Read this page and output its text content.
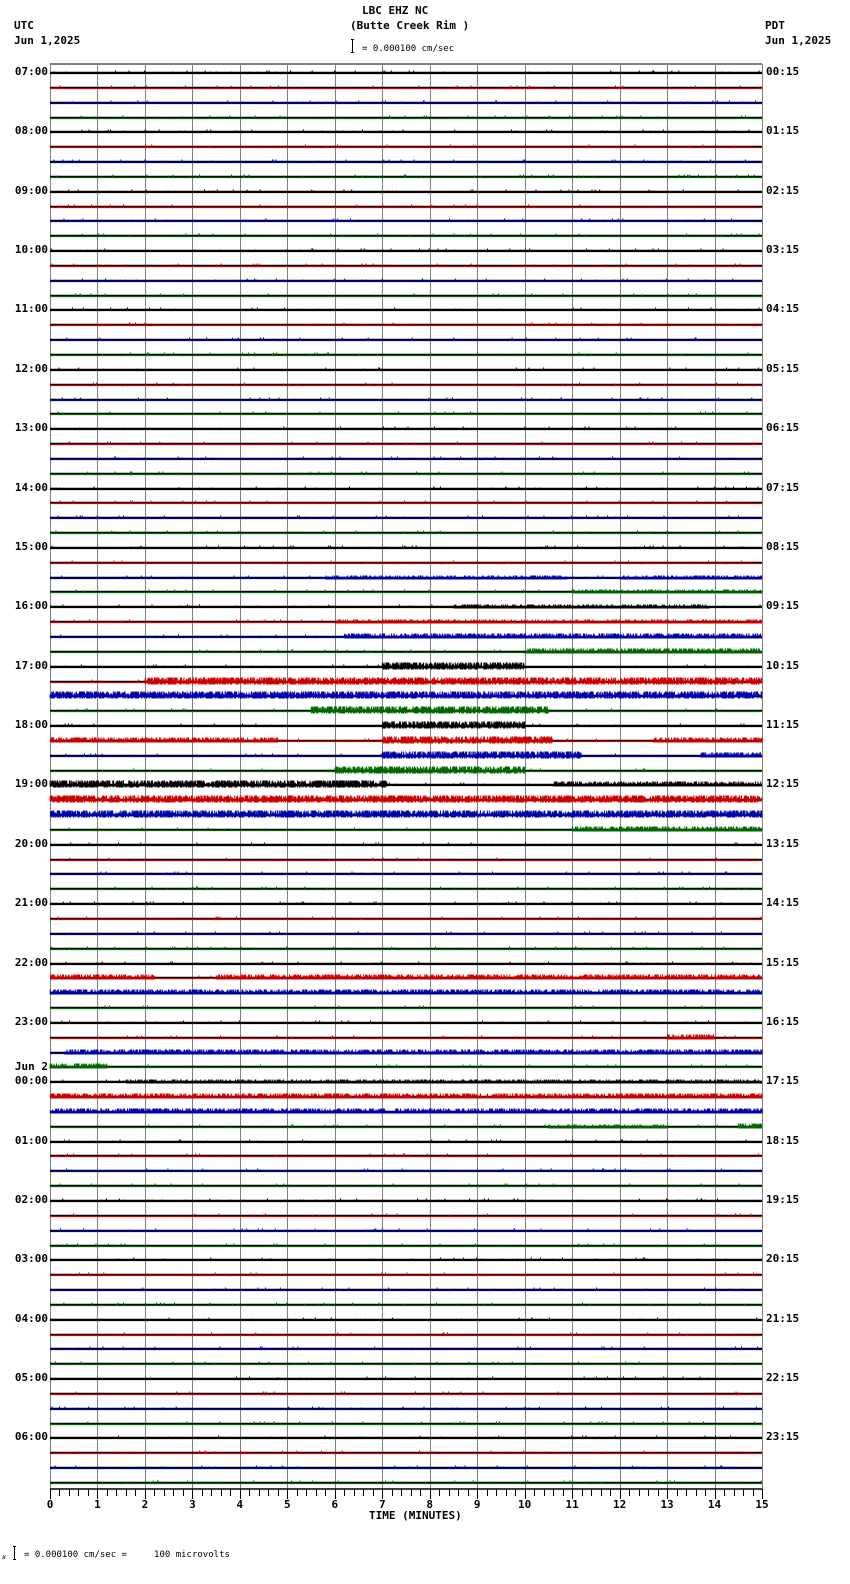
UTC
Jun 1,2025
LBC EHZ NC
(Butte Creek Rim )
= 0.000100 cm/sec
PDT
Jun 1,2025
07:00
08:00
09:00
10:00
11:00
12:00
13:00
14:00
15:00
16:00
17:00
18:00
19:00
20:00
21:00
22:00
23:00
00:00
Jun 2
01:00
02:00
03:00
04:00
05:00
06:00
00:15
01:15
02:15
03:15
04:15
05:15
06:15
07:15
08:15
09:15
10:15
11:15
12:15
13:15
14:15
15:15
16:15
17:15
18:15
19:15
20:15
21:15
22:15
23:15
0	1	2	3	4	5	6	7	8	9	10	11	12	13	14	15
TIME (MINUTES)
𝓍 = 0.000100 cm/sec =     100 microvolts
